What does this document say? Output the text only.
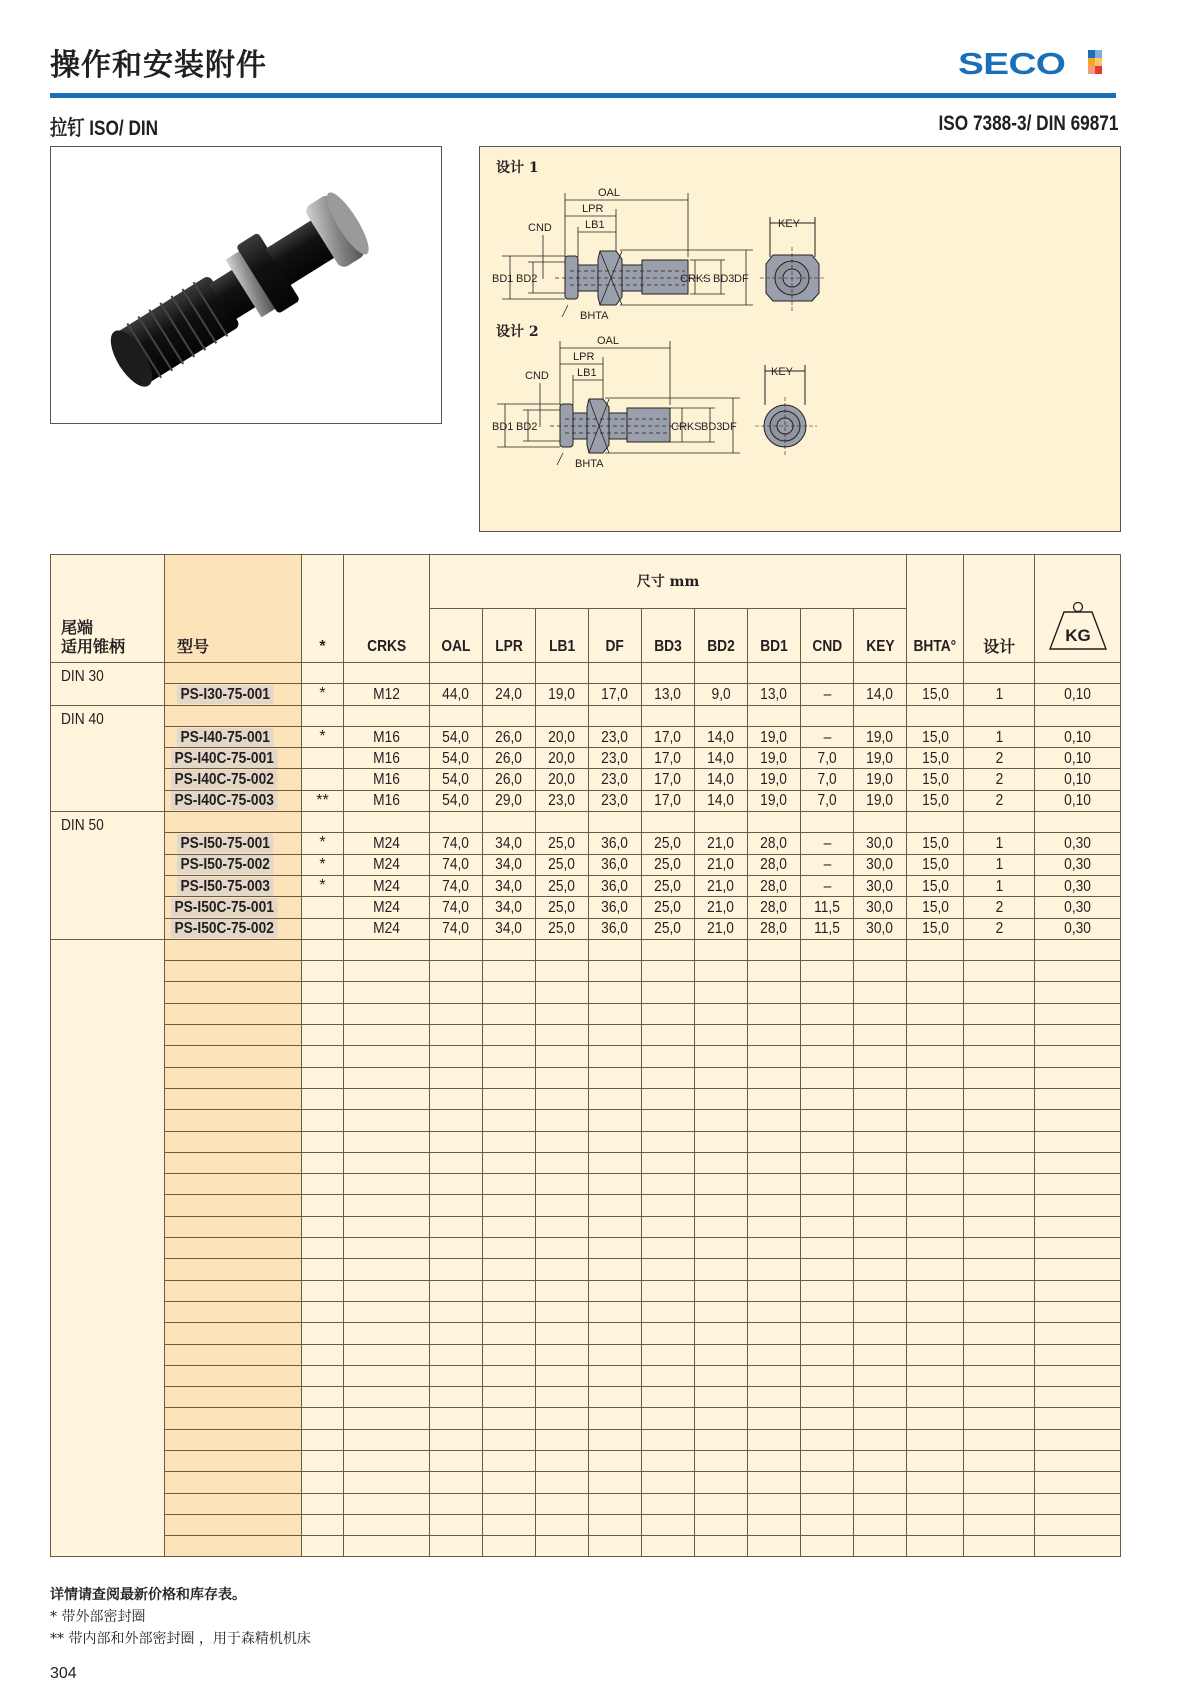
操作和安装附件	SECO
拉钉 ISO/ DIN	ISO 7388-3/ DIN 69871
设计 1
设计 2
OAL
LPR
LB1
CND
BD1 BD2	CRKS BD3 DF
BHTA
KEY
OAL
LPR
LB1
CND
BD1 BD2	CRKS BD3 DF
BHTA
KEY
尾端
适用锥柄	型号	*	CRKS	尺寸 mm									BHTA°	设计	KG

				OAL	LPR	LB1	DF	BD3	BD2	BD1	CND	KEY			
DIN 30															
	PS-I30-75-001	*	M12	44,0	24,0	19,0	17,0	13,0	9,0	13,0	–	14,0	15,0	1	0,10
DIN 40															
	PS-I40-75-001	*	M16	54,0	26,0	20,0	23,0	17,0	14,0	19,0	–	19,0	15,0	1	0,10
	PS-I40C-75-001		M16	54,0	26,0	20,0	23,0	17,0	14,0	19,0	7,0	19,0	15,0	2	0,10
	PS-I40C-75-002		M16	54,0	26,0	20,0	23,0	17,0	14,0	19,0	7,0	19,0	15,0	2	0,10
	PS-I40C-75-003	**	M16	54,0	29,0	23,0	23,0	17,0	14,0	19,0	7,0	19,0	15,0	2	0,10
DIN 50															
	PS-I50-75-001	*	M24	74,0	34,0	25,0	36,0	25,0	21,0	28,0	–	30,0	15,0	1	0,30
	PS-I50-75-002	*	M24	74,0	34,0	25,0	36,0	25,0	21,0	28,0	–	30,0	15,0	1	0,30
	PS-I50-75-003	*	M24	74,0	34,0	25,0	36,0	25,0	21,0	28,0	–	30,0	15,0	1	0,30
	PS-I50C-75-001		M24	74,0	34,0	25,0	36,0	25,0	21,0	28,0	11,5	30,0	15,0	2	0,30
	PS-I50C-75-002		M24	74,0	34,0	25,0	36,0	25,0	21,0	28,0	11,5	30,0	15,0	2	0,30

详情请查阅最新价格和库存表。
* 带外部密封圈
** 带内部和外部密封圈 ，用于森精机机床
304
